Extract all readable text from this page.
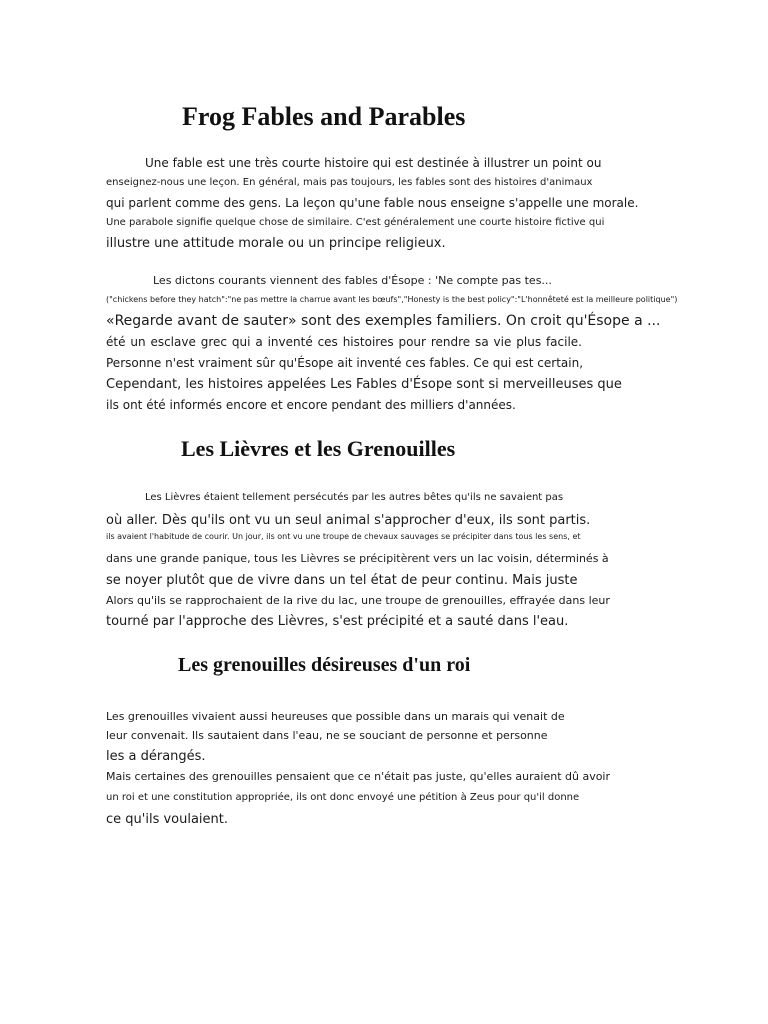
Frog Fables and Parables

Une fable est une très courte histoire qui est destinée à illustrer un point ou

enseignez-nous une leçon. En général, mais pas toujours, les fables sont des histoires d'animaux

qui parlent comme des gens. La leçon qu'une fable nous enseigne s'appelle une morale.

Une parabole signifie quelque chose de similaire. C'est généralement une courte histoire fictive qui

illustre une attitude morale ou un principe religieux.

Les dictons courants viennent des fables d'Ésope : 'Ne compte pas tes...

("chickens before they hatch":"ne pas mettre la charrue avant les bœufs","Honesty is the best policy":"L'honnêteté est la meilleure politique")

«Regarde avant de sauter» sont des exemples familiers. On croit qu'Ésope a ...

été un esclave grec qui a inventé ces histoires pour rendre sa vie plus facile.

Personne n'est vraiment sûr qu'Ésope ait inventé ces fables. Ce qui est certain,

Cependant, les histoires appelées Les Fables d'Ésope sont si merveilleuses que

ils ont été informés encore et encore pendant des milliers d'années.

Les Lièvres et les Grenouilles

Les Lièvres étaient tellement persécutés par les autres bêtes qu'ils ne savaient pas

où aller. Dès qu'ils ont vu un seul animal s'approcher d'eux, ils sont partis.

ils avaient l'habitude de courir. Un jour, ils ont vu une troupe de chevaux sauvages se précipiter dans tous les sens, et

dans une grande panique, tous les Lièvres se précipitèrent vers un lac voisin, déterminés à

se noyer plutôt que de vivre dans un tel état de peur continu. Mais juste

Alors qu'ils se rapprochaient de la rive du lac, une troupe de grenouilles, effrayée dans leur

tourné par l'approche des Lièvres, s'est précipité et a sauté dans l'eau.

Les grenouilles désireuses d'un roi

Les grenouilles vivaient aussi heureuses que possible dans un marais qui venait de

leur convenait. Ils sautaient dans l'eau, ne se souciant de personne et personne

les a dérangés.

Mais certaines des grenouilles pensaient que ce n'était pas juste, qu'elles auraient dû avoir

un roi et une constitution appropriée, ils ont donc envoyé une pétition à Zeus pour qu'il donne

ce qu'ils voulaient.
